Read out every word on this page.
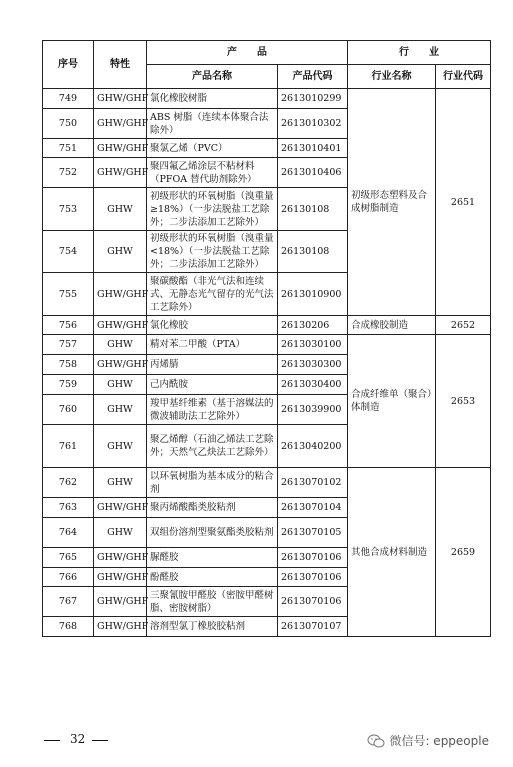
序号	特性	产　　品		行　　业	
		产品名称	产品代码	行业名称	行业代码
749	GHW/GHF	氯化橡胶树脂	2613010299	初级形态塑料及合成树脂制造	2651
750	GHW/GHF	ABS 树脂（连续本体聚合法除外）	2613010302		
751	GHW/GHF	聚氯乙烯（PVC）	2613010401		
752	GHW/GHF	聚四氟乙烯涂层不粘材料（PFOA 替代助剂除外）	2613010406		
753	GHW	初级形状的环氧树脂（溴重量≥18%）（一步法脱盐工艺除外；二步法添加工艺除外）	26130108		
754	GHW	初级形状的环氧树脂（溴重量<18%）（一步法脱盐工艺除外；二步法添加工艺除外）	26130108		
755	GHW/GHF	聚碳酸酯（非光气法和连续式、无静态光气留存的光气法工艺除外）	2613010900		
756	GHW/GHF	氯化橡胶	26130206	合成橡胶制造	2652
757	GHW	精对苯二甲酸（PTA）	2613030100	合成纤维单（聚合）体制造	2653
758	GHW/GHF	丙烯腈	2613030300		
759	GHW	己内酰胺	2613030400		
760	GHW	羧甲基纤维素（基于溶媒法的微波辅助法工艺除外）	2613039900		
761	GHW	聚乙烯醇（石油乙烯法工艺除外；天然气乙炔法工艺除外）	2613040200		
762	GHW	以环氧树脂为基本成分的粘合剂	2613070102	其他合成材料制造	2659
763	GHW/GHF	聚丙烯酸酯类胶粘剂	2613070104		
764	GHW	双组份溶剂型聚氨酯类胶粘剂	2613070105		
765	GHW/GHF	脲醛胶	2613070106		
766	GHW/GHF	酚醛胶	2613070106		
767	GHW/GHF	三聚氰胺甲醛胶（密胺甲醛树脂、密胺树脂）	2613070106		
768	GHW/GHF	溶剂型氯丁橡胶胶粘剂	2613070107		
32	微信号: eppeople
